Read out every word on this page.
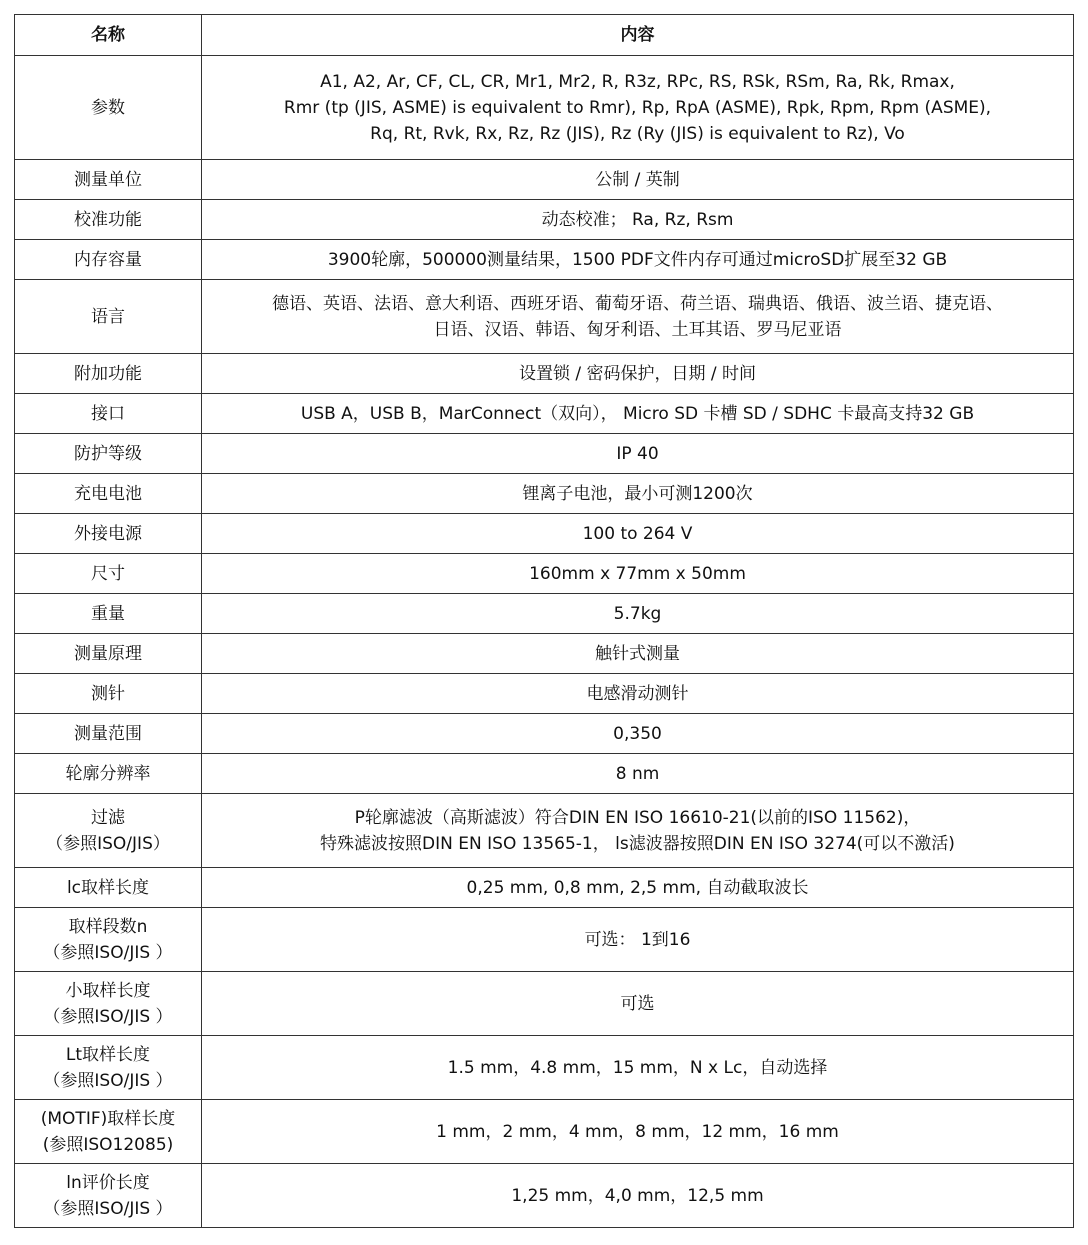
名称	内容

参数	A1, A2, Ar, CF, CL, CR, Mr1, Mr2, R, R3z, RPc, RS, RSk, RSm, Ra, Rk, Rmax,
Rmr (tp (JIS, ASME) is equivalent to Rmr), Rp, RpA (ASME), Rpk, Rpm, Rpm (ASME),
Rq, Rt, Rvk, Rx, Rz, Rz (JIS), Rz (Ry (JIS) is equivalent to Rz), Vo

测量单位	公制 / 英制

校准功能	动态校准； Ra, Rz, Rsm

内存容量	3900轮廓，500000测量结果，1500 PDF文件内存可通过microSD扩展至32 GB

语言	德语、英语、法语、意大利语、西班牙语、葡萄牙语、荷兰语、瑞典语、俄语、波兰语、捷克语、
日语、汉语、韩语、匈牙利语、土耳其语、罗马尼亚语

附加功能	设置锁 / 密码保护，日期 / 时间

接口	USB A，USB B，MarConnect（双向）， Micro SD 卡槽 SD / SDHC 卡最高支持32 GB

防护等级	IP 40

充电电池	锂离子电池，最小可测1200次

外接电源	100 to 264 V

尺寸	160mm x 77mm x 50mm

重量	5.7kg

测量原理	触针式测量

测针	电感滑动测针

测量范围	0,350

轮廓分辨率	8 nm

过滤
（参照ISO/JIS）	P轮廓滤波（高斯滤波）符合DIN EN ISO 16610-21(以前的ISO 11562)，
特殊滤波按照DIN EN ISO 13565-1， ls滤波器按照DIN EN ISO 3274(可以不激活)

lc取样长度	0,25 mm, 0,8 mm, 2,5 mm, 自动截取波长

取样段数n
（参照ISO/JIS ）	可选： 1到16

小取样长度
（参照ISO/JIS ）	可选

Lt取样长度
（参照ISO/JIS ）	1.5 mm，4.8 mm，15 mm，N x Lc，自动选择

(MOTIF)取样长度
(参照ISO12085)	1 mm，2 mm，4 mm，8 mm，12 mm，16 mm

ln评价长度
（参照ISO/JIS ）	1,25 mm，4,0 mm，12,5 mm
